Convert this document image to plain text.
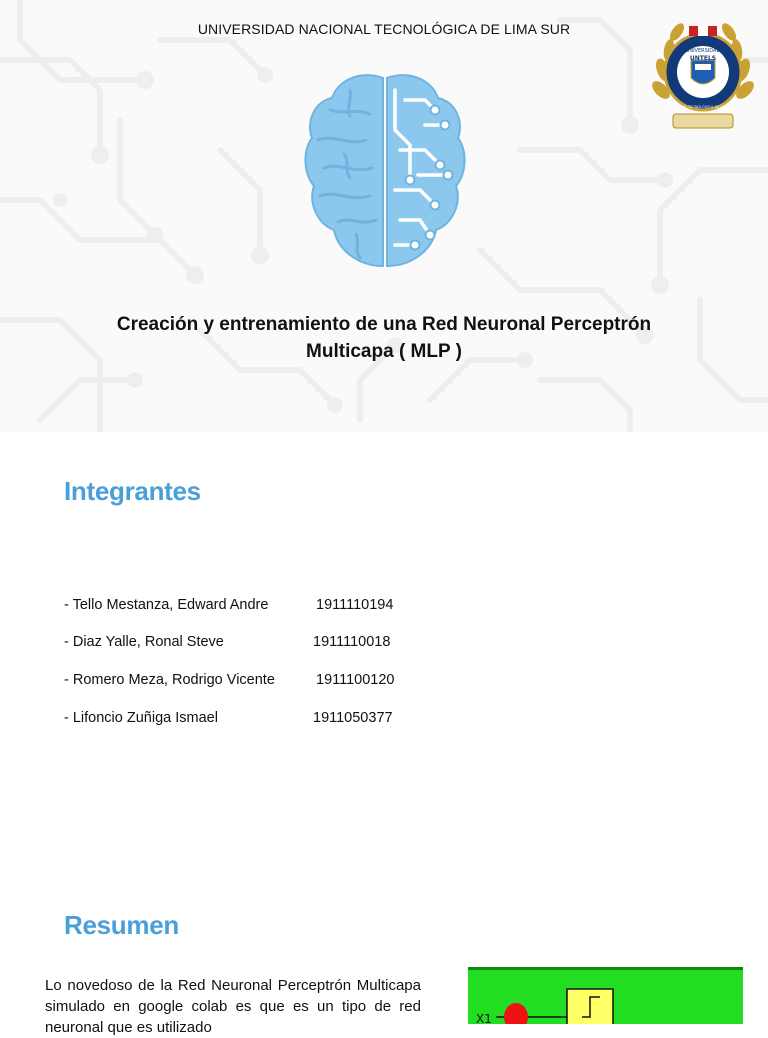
UNIVERSIDAD NACIONAL TECNOLÓGICA DE LIMA SUR
UNIVERSIDAD
UNTELS
NACIONAL TECNOLÓGICA DE LIMA SUR
Creación y entrenamiento de una Red Neuronal Perceptrón
Multicapa ( MLP )
Integrantes
- Tello Mestanza, Edward Andre	1911110194
- Diaz Yalle, Ronal Steve	1911110018
- Romero Meza, Rodrigo Vicente	1911100120
- Lifoncio Zuñiga Ismael	1911050377
Resumen
Lo novedoso de la Red Neuronal Perceptrón Multicapa simulado en google colab es que es un tipo de red neuronal que es utilizado	X1
